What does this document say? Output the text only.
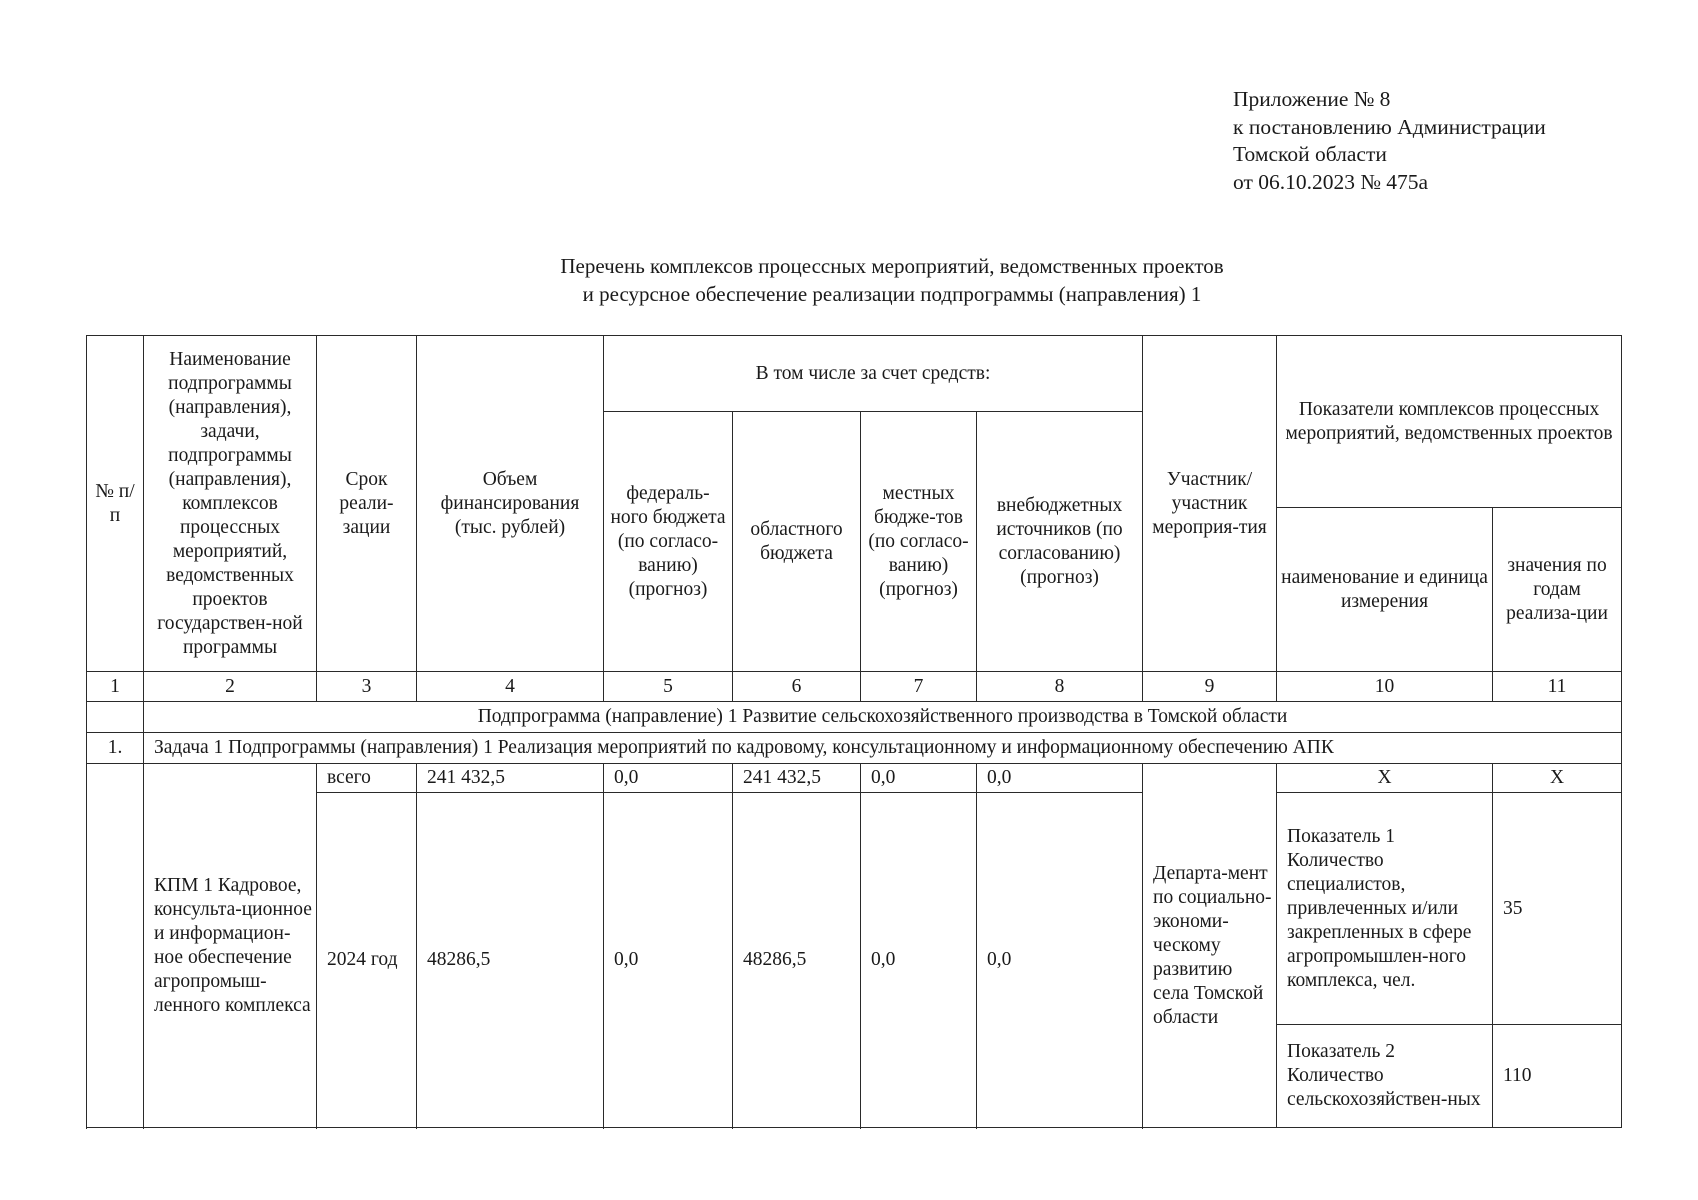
Приложение № 8
к постановлению Администрации
Томской области
от 06.10.2023 № 475а
Перечень комплексов процессных мероприятий, ведомственных проектов
и ресурсное обеспечение реализации подпрограммы (направления) 1
№ п/п	Наименование подпрограммы (направления), задачи, подпрограммы (направления), комплексов процессных мероприятий, ведомственных проектов государствен-ной программы	Срок реали-зации	Объем финансирования (тыс. рублей)	В том числе за счет средств:				Участник/ участник мероприя-тия	Показатели комплексов процессных мероприятий, ведомственных проектов	
				федераль-ного бюджета (по согласо-ванию) (прогноз)	областного бюджета	местных бюдже-тов (по согласо-ванию) (прогноз)	внебюджетных источников (по согласованию) (прогноз)			
									наименование и единица измерения	значения по годам реализа-ции
1	2	3	4	5	6	7	8	9	10	11
	Подпрограмма (направление) 1 Развитие сельскохозяйственного производства в Томской области									
1.	Задача 1 Подпрограммы (направления) 1 Реализация мероприятий по кадровому, консультационному и информационному обеспечению АПК									
	КПМ 1 Кадровое, консульта-ционное и информацион-ное обеспечение агропромыш-ленного комплекса	всего	241 432,5	0,0	241 432,5	0,0	0,0	Департа-мент по социально-экономи-ческому развитию села Томской области	Х	Х
		2024 год	48286,5	0,0	48286,5	0,0	0,0		Показатель 1 Количество специалистов, привлеченных и/или закрепленных в сфере агропромышлен-ного комплекса, чел.	35
									Показатель 2 Количество сельскохозяйствен-ных	110
